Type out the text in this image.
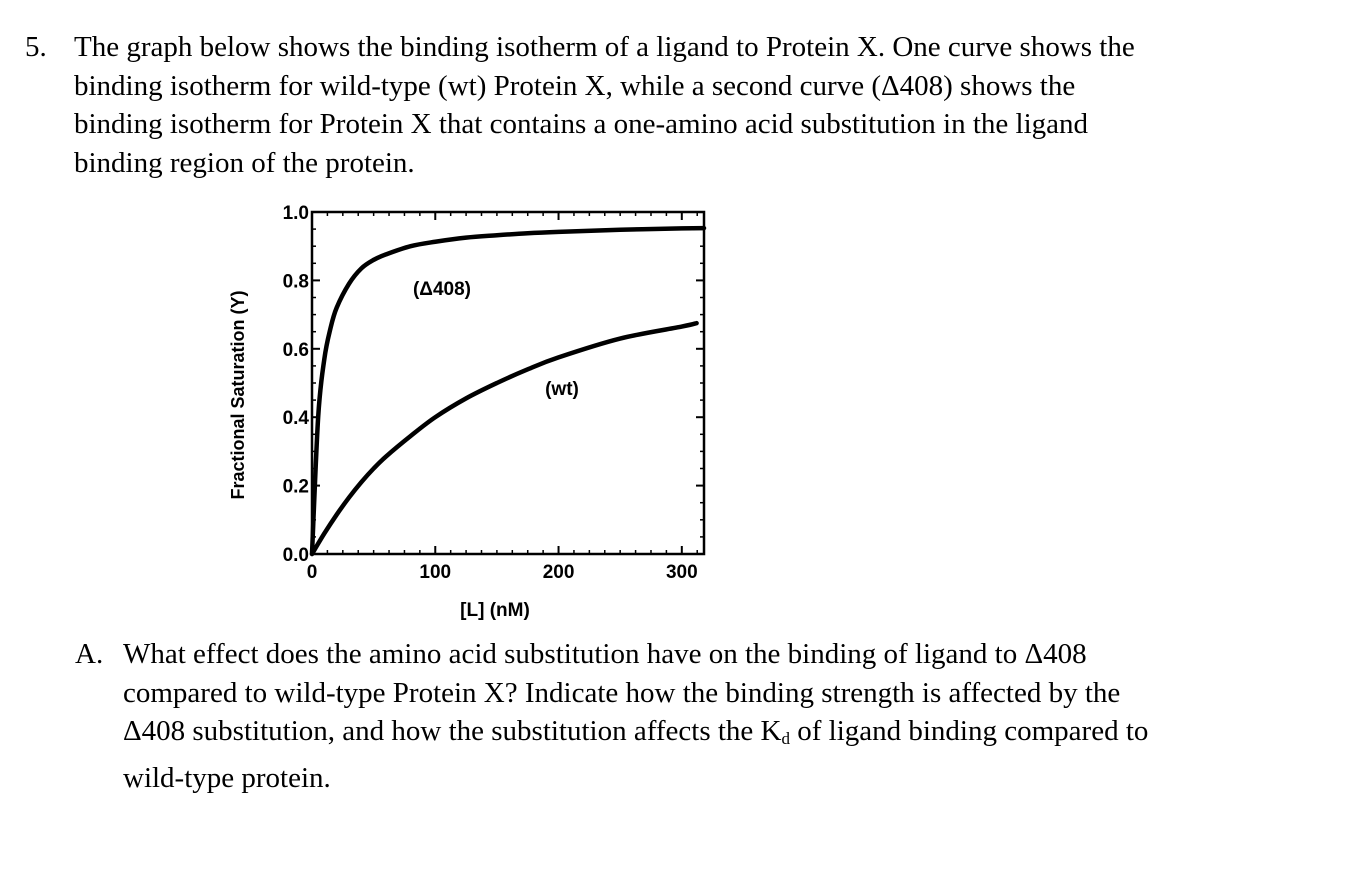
5. The graph below shows the binding isotherm of a ligand to Protein X. One curve shows the
binding isotherm for wild-type (wt) Protein X, while a second curve (Δ408) shows the
binding isotherm for Protein X that contains a one-amino acid substitution in the ligand
binding region of the protein.
0	100	200	300
0.0
0.2
0.4
0.6
0.8
1.0
[L] (nM)
Fractional Saturation (Y)
(Δ408)
(wt)
A. What effect does the amino acid substitution have on the binding of ligand to Δ408
compared to wild-type Protein X? Indicate how the binding strength is affected by the
Δ408 substitution, and how the substitution affects the $K_d$ of ligand binding compared to
wild-type protein.
